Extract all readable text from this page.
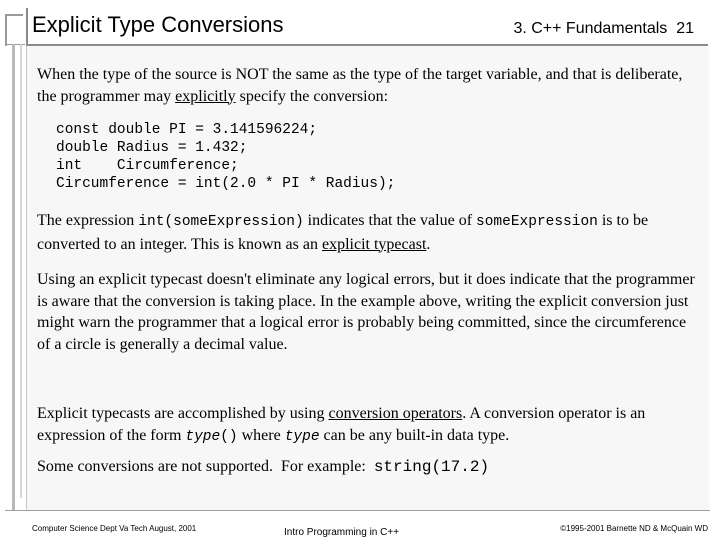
Explicit Type Conversions	3. C++ Fundamentals 21
When the type of the source is NOT the same as the type of the target variable, and that is deliberate, the programmer may explicitly specify the conversion:
const double PI = 3.141596224;
double Radius = 1.432;
int    Circumference;
Circumference = int(2.0 * PI * Radius);
The expression int(someExpression) indicates that the value of someExpression is to be converted to an integer. This is known as an explicit typecast.
Using an explicit typecast doesn't eliminate any logical errors, but it does indicate that the programmer is aware that the conversion is taking place. In the example above, writing the explicit conversion just might warn the programmer that a logical error is probably being committed, since the circumference of a circle is generally a decimal value.
Explicit typecasts are accomplished by using conversion operators. A conversion operator is an expression of the form type() where type can be any built-in data type.
Some conversions are not supported.  For example:  string(17.2)
Computer Science Dept Va Tech August, 2001	Intro Programming in C++	©1995-2001 Barnette ND & McQuain WD
